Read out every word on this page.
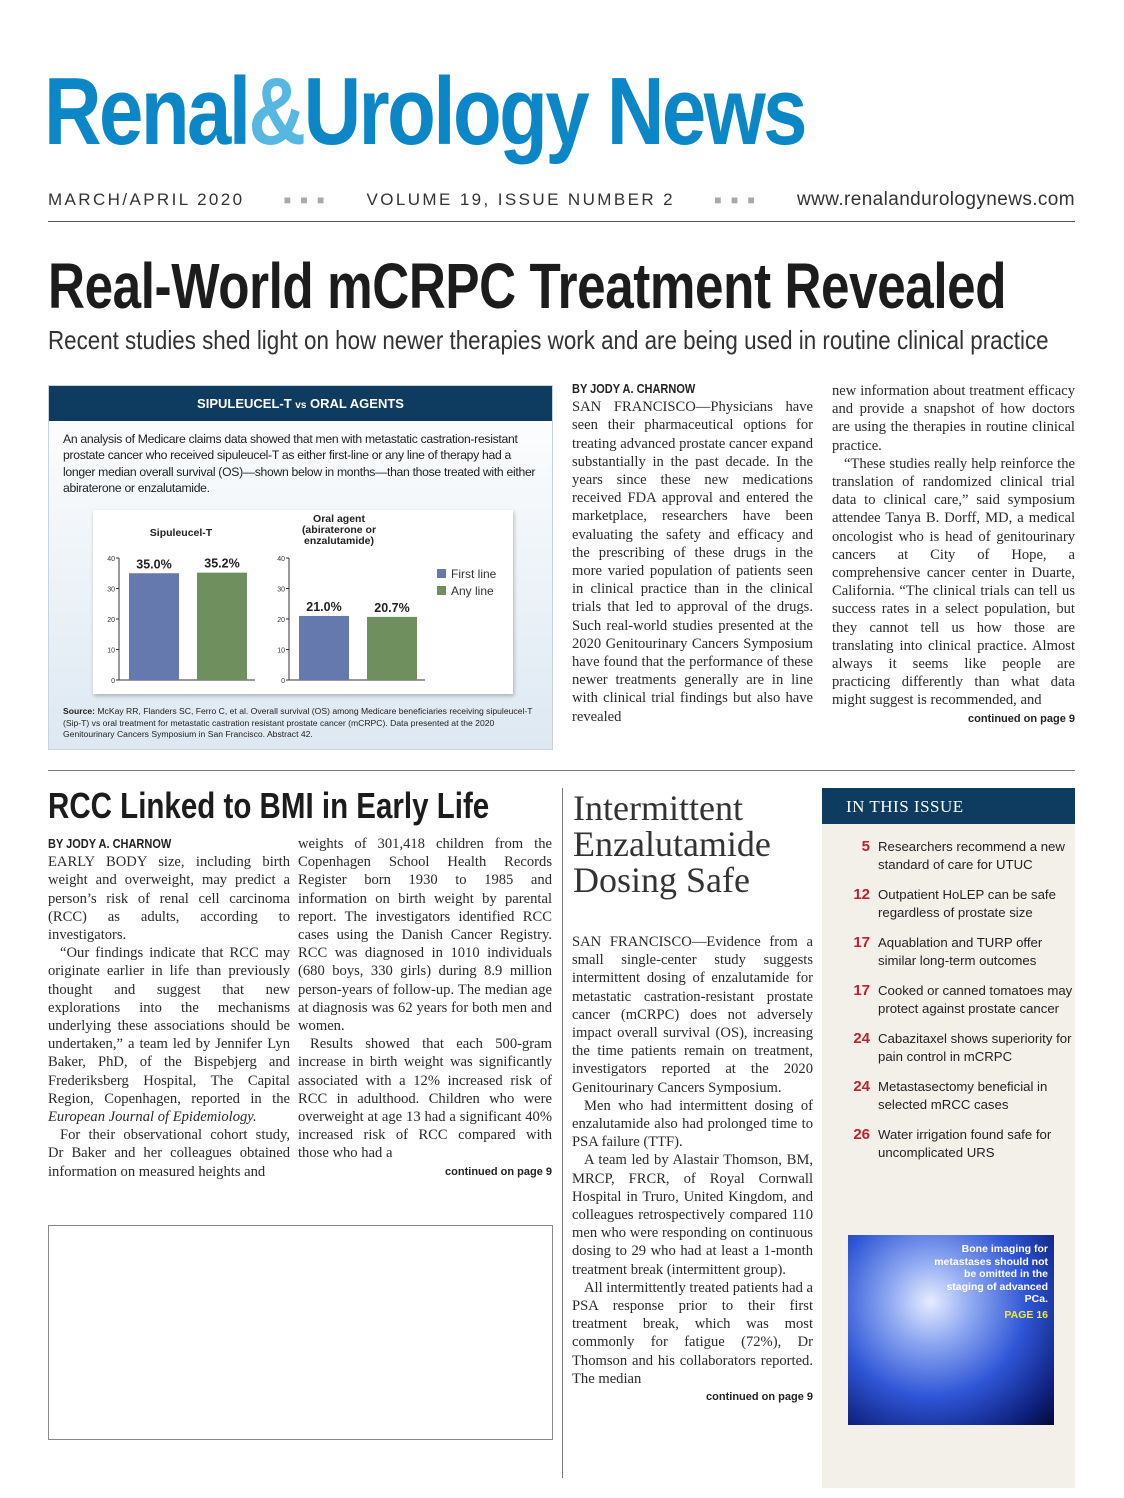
Renal&Urology News
MARCH/APRIL 2020	■ ■ ■ VOLUME 19, ISSUE NUMBER 2	■ ■ ■ www.renalandurologynews.com
Real-World mCRPC Treatment Revealed
Recent studies shed light on how newer therapies work and are being used in routine clinical practice
SIPULEUCEL-T vs ORAL AGENTS
An analysis of Medicare claims data showed that men with metastatic castration-resistant prostate cancer who received sipuleucel-T as either first-line or any line of therapy had a longer median overall survival (OS)—shown below in months—than those treated with either abiraterone or enzalutamide.
0
10
20
30
40
Sipuleucel-T
35.0%	35.2%
0
10
20
30
40
Oral agent
(abiraterone or
enzalutamide)
21.0%	20.7%
First line
Any line
Source: McKay RR, Flanders SC, Ferro C, et al. Overall survival (OS) among Medicare beneficiaries receiving sipuleucel-T (Sip-T) vs oral treatment for metastatic castration resistant prostate cancer (mCRPC). Data presented at the 2020 Genitourinary Cancers Symposium in San Francisco. Abstract 42.
BY JODY A. CHARNOW

SAN FRANCISCO—Physicians have seen their pharmaceutical options for treating advanced prostate cancer expand substantially in the past decade. In the years since these new medications received FDA approval and entered the marketplace, researchers have been evaluating the safety and efficacy and the prescribing of these drugs in the more varied population of patients seen in clinical practice than in the clinical trials that led to approval of the drugs. Such real-world studies presented at the 2020 Genitourinary Cancers Symposium have found that the performance of these newer treatments generally are in line with clinical trial findings but also have revealed

new information about treatment efficacy and provide a snapshot of how doctors are using the therapies in routine clinical practice.

“These studies really help reinforce the translation of randomized clinical trial data to clinical care,” said symposium attendee Tanya B. Dorff, MD, a medical oncologist who is head of genitourinary cancers at City of Hope, a comprehensive cancer center in Duarte, California. “The clinical trials can tell us success rates in a select population, but they cannot tell us how those are translating into clinical practice. Almost always it seems like people are practicing differently than what data might suggest is recommended, and

continued on page 9
RCC Linked to BMI in Early Life
BY JODY A. CHARNOW

EARLY BODY size, including birth weight and overweight, may predict a person’s risk of renal cell carcinoma (RCC) as adults, according to investigators.

“Our findings indicate that RCC may originate earlier in life than previously thought and suggest that new explorations into the mechanisms underlying these associations should be undertaken,” a team led by Jennifer Lyn Baker, PhD, of the Bispebjerg and Frederiksberg Hospital, The Capital Region, Copenhagen, reported in the European Journal of Epidemiology.

For their observational cohort study, Dr Baker and her colleagues obtained information on measured heights and

weights of 301,418 children from the Copenhagen School Health Records Register born 1930 to 1985 and information on birth weight by parental report. The investigators identified RCC cases using the Danish Cancer Registry. RCC was diagnosed in 1010 individuals (680 boys, 330 girls) during 8.9 million person-years of follow-up. The median age at diagnosis was 62 years for both men and women.

Results showed that each 500-gram increase in birth weight was significantly associated with a 12% increased risk of RCC in adulthood. Children who were overweight at age 13 had a significant 40% increased risk of RCC compared with those who had a

continued on page 9
Intermittent Enzalutamide Dosing Safe

SAN FRANCISCO—Evidence from a small single-center study suggests intermittent dosing of enzalutamide for metastatic castration-resistant prostate cancer (mCRPC) does not adversely impact overall survival (OS), increasing the time patients remain on treatment, investigators reported at the 2020 Genitourinary Cancers Symposium.

Men who had intermittent dosing of enzalutamide also had prolonged time to PSA failure (TTF).

A team led by Alastair Thomson, BM, MRCP, FRCR, of Royal Cornwall Hospital in Truro, United Kingdom, and colleagues retrospectively compared 110 men who were responding on continuous dosing to 29 who had at least a 1-month treatment break (intermittent group).

All intermittently treated patients had a PSA response prior to their first treatment break, which was most commonly for fatigue (72%), Dr Thomson and his collaborators reported. The median

continued on page 9
IN THIS ISSUE
5 Researchers recommend a new standard of care for UTUC
12 Outpatient HoLEP can be safe regardless of prostate size
17 Aquablation and TURP offer similar long-term outcomes
17 Cooked or canned tomatoes may protect against prostate cancer
24 Cabazitaxel shows superiority for pain control in mCRPC
24 Metastasectomy beneficial in selected mRCC cases
26 Water irrigation found safe for uncomplicated URS
Bone imaging for metastases should not be omitted in the staging of advanced PCa.
PAGE 16
